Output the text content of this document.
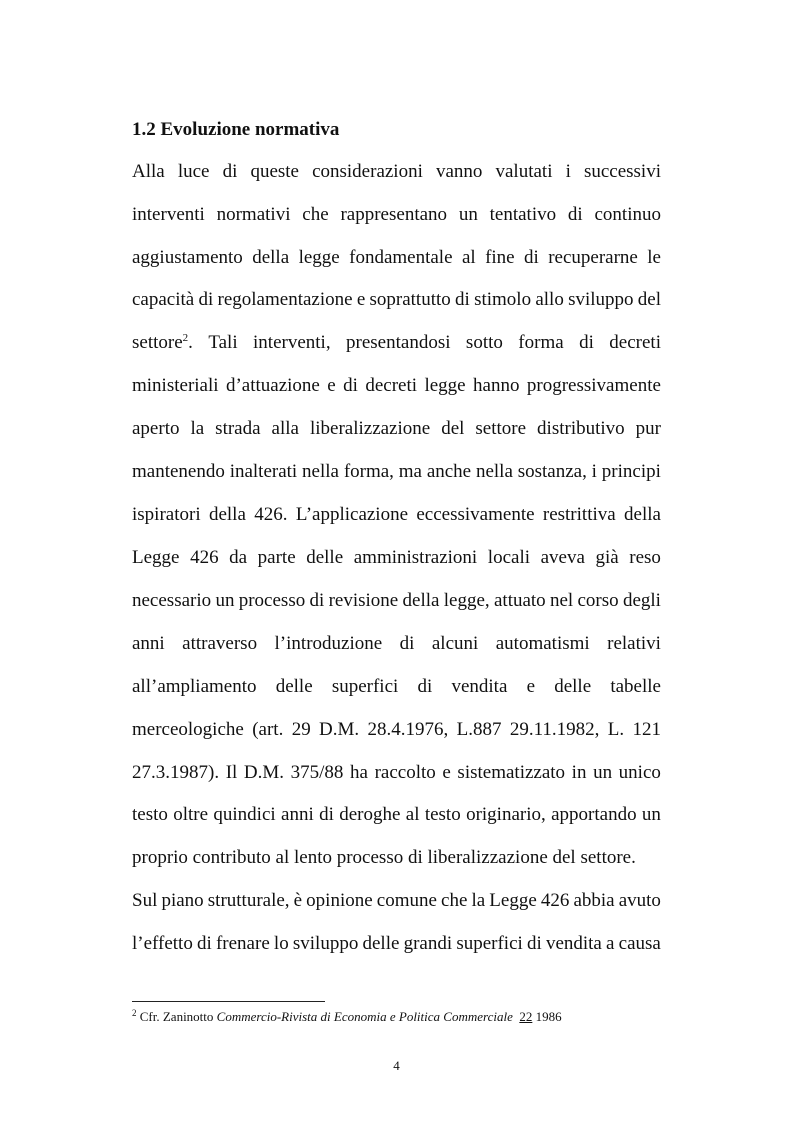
1.2 Evoluzione normativa
Alla luce di queste considerazioni vanno valutati i successivi
interventi normativi che rappresentano un tentativo di continuo
aggiustamento della legge fondamentale al fine di recuperarne le
capacità di regolamentazione e soprattutto di stimolo allo sviluppo del
settore$^2$. Tali interventi, presentandosi sotto forma di decreti
ministeriali d’attuazione e di decreti legge hanno progressivamente
aperto la strada alla liberalizzazione del settore distributivo pur
mantenendo inalterati nella forma, ma anche nella sostanza, i principi
ispiratori della 426. L’applicazione eccessivamente restrittiva della
Legge 426 da parte delle amministrazioni locali aveva già reso
necessario un processo di revisione della legge, attuato nel corso degli
anni attraverso l’introduzione di alcuni automatismi relativi
all’ampliamento delle superfici di vendita e delle tabelle
merceologiche (art. 29 D.M. 28.4.1976, L.887 29.11.1982, L. 121
27.3.1987). Il D.M. 375/88 ha raccolto e sistematizzato in un unico
testo oltre quindici anni di deroghe al testo originario, apportando un
proprio contributo al lento processo di liberalizzazione del settore.
Sul piano strutturale, è opinione comune che la Legge 426 abbia avuto
l’effetto di frenare lo sviluppo delle grandi superfici di vendita a causa
$^2$ Cfr. Zaninotto Commercio-Rivista di Economia e Politica Commerciale 22 1986
4
